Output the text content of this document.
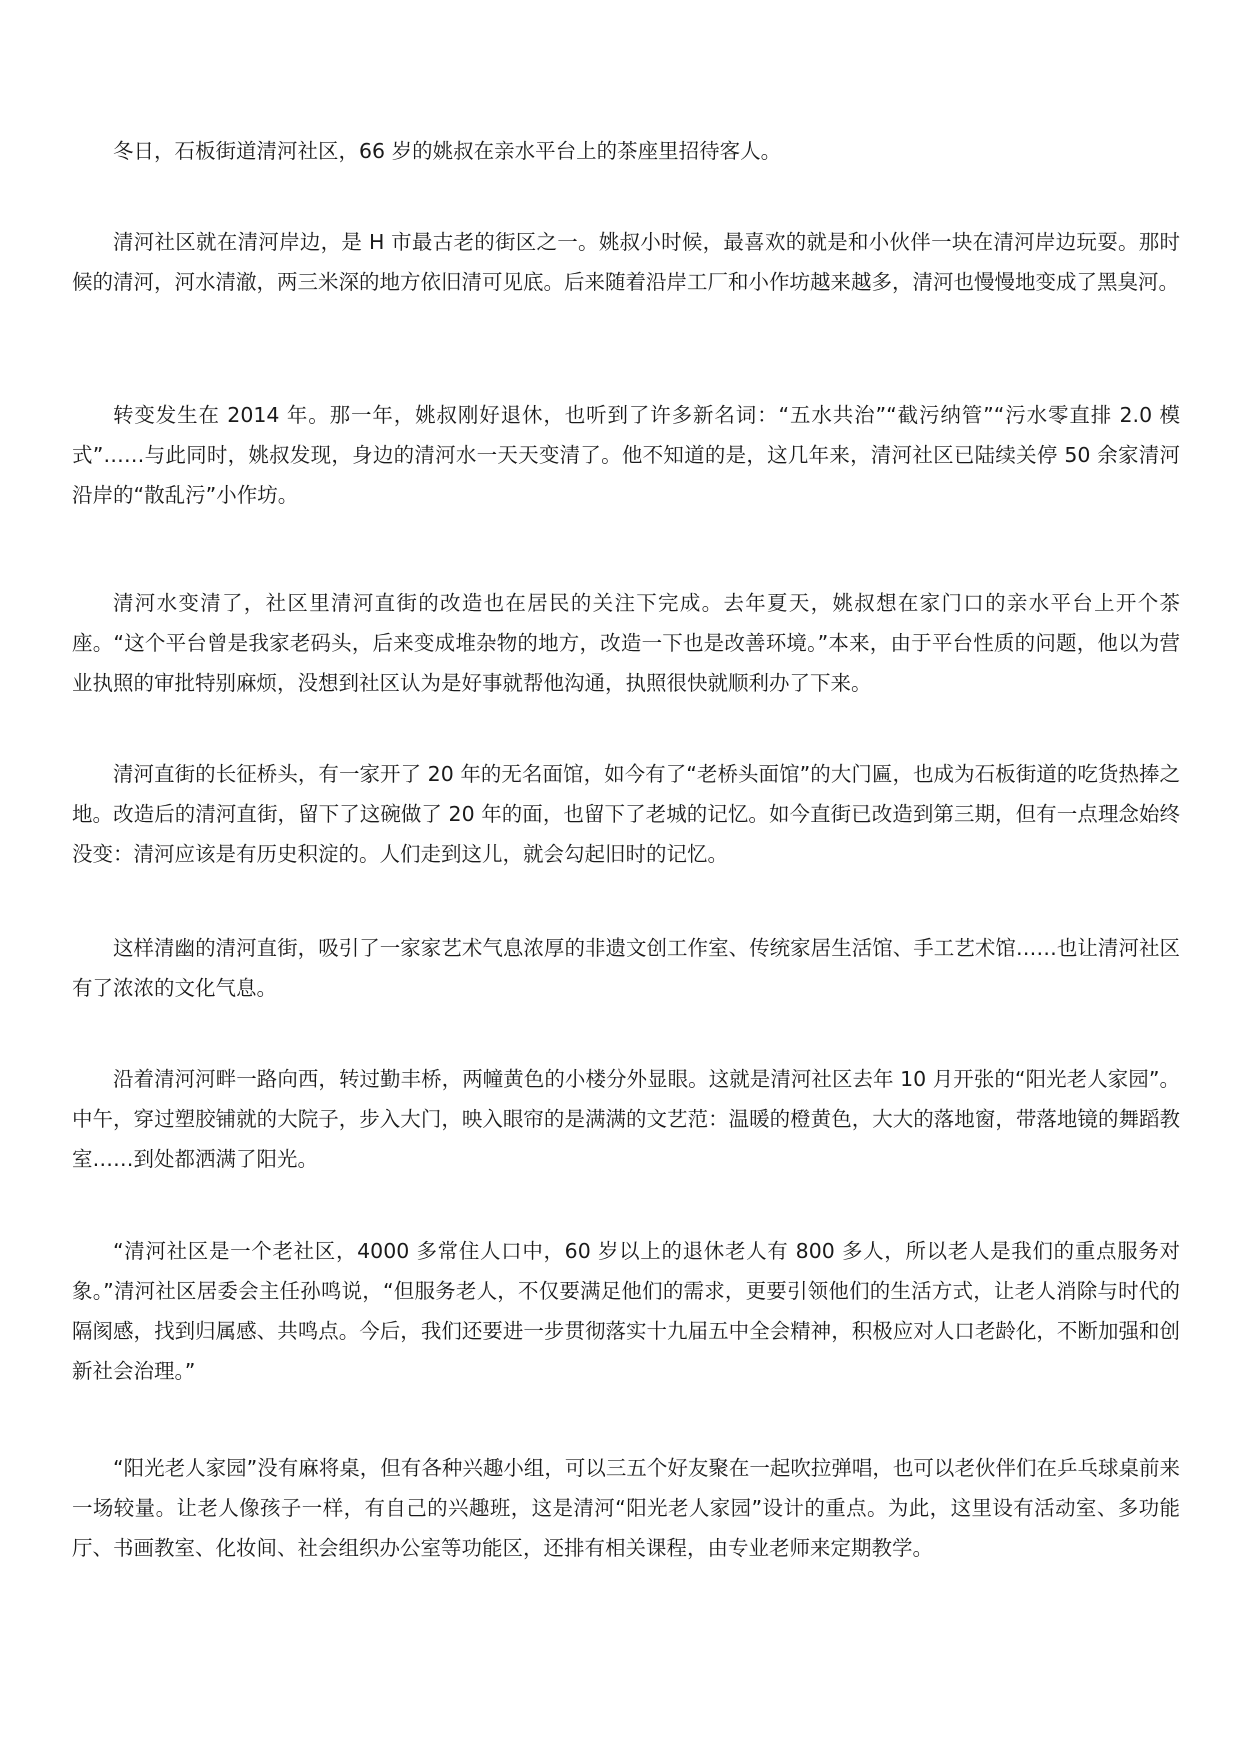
冬日，石板街道清河社区，66 岁的姚叔在亲水平台上的茶座里招待客人。

清河社区就在清河岸边，是 H 市最古老的街区之一。姚叔小时候，最喜欢的就是和小伙伴一块在清河岸边玩耍。那时候的清河，河水清澈，两三米深的地方依旧清可见底。后来随着沿岸工厂和小作坊越来越多，清河也慢慢地变成了黑臭河。

转变发生在 2014 年。那一年，姚叔刚好退休，也听到了许多新名词：“五水共治”“截污纳管”“污水零直排 2.0 模式”……与此同时，姚叔发现，身边的清河水一天天变清了。他不知道的是，这几年来，清河社区已陆续关停 50 余家清河沿岸的“散乱污”小作坊。

清河水变清了，社区里清河直街的改造也在居民的关注下完成。去年夏天，姚叔想在家门口的亲水平台上开个茶座。“这个平台曾是我家老码头，后来变成堆杂物的地方，改造一下也是改善环境。”本来，由于平台性质的问题，他以为营业执照的审批特别麻烦，没想到社区认为是好事就帮他沟通，执照很快就顺利办了下来。

清河直街的长征桥头，有一家开了 20 年的无名面馆，如今有了“老桥头面馆”的大门匾，也成为石板街道的吃货热捧之地。改造后的清河直街，留下了这碗做了 20 年的面，也留下了老城的记忆。如今直街已改造到第三期，但有一点理念始终没变：清河应该是有历史积淀的。人们走到这儿，就会勾起旧时的记忆。

这样清幽的清河直街，吸引了一家家艺术气息浓厚的非遗文创工作室、传统家居生活馆、手工艺术馆……也让清河社区有了浓浓的文化气息。

沿着清河河畔一路向西，转过勤丰桥，两幢黄色的小楼分外显眼。这就是清河社区去年 10 月开张的“阳光老人家园”。中午，穿过塑胶铺就的大院子，步入大门，映入眼帘的是满满的文艺范：温暖的橙黄色，大大的落地窗，带落地镜的舞蹈教室……到处都洒满了阳光。

“清河社区是一个老社区，4000 多常住人口中，60 岁以上的退休老人有 800 多人，所以老人是我们的重点服务对象。”清河社区居委会主任孙鸣说，“但服务老人，不仅要满足他们的需求，更要引领他们的生活方式，让老人消除与时代的隔阂感，找到归属感、共鸣点。今后，我们还要进一步贯彻落实十九届五中全会精神，积极应对人口老龄化，不断加强和创新社会治理。”

“阳光老人家园”没有麻将桌，但有各种兴趣小组，可以三五个好友聚在一起吹拉弹唱，也可以老伙伴们在乒乓球桌前来一场较量。让老人像孩子一样，有自己的兴趣班，这是清河“阳光老人家园”设计的重点。为此，这里设有活动室、多功能厅、书画教室、化妆间、社会组织办公室等功能区，还排有相关课程，由专业老师来定期教学。
